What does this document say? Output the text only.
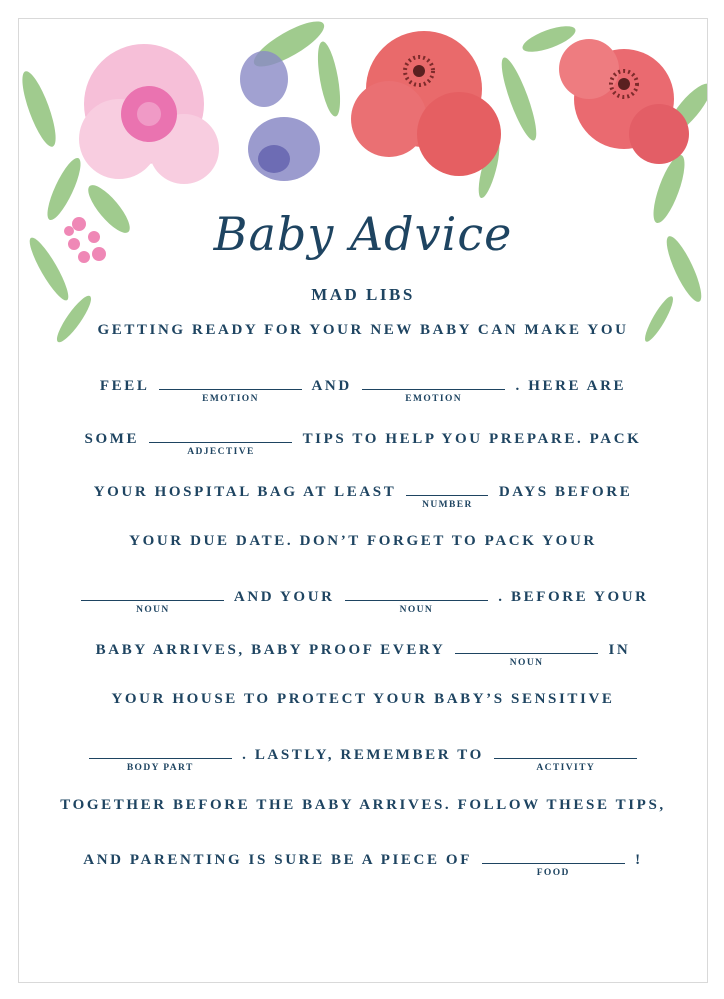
Baby Advice
MAD LIBS
GETTING READY FOR YOUR NEW BABY CAN MAKE YOU
FEEL
EMOTION
AND
EMOTION
. HERE ARE
SOME
ADJECTIVE
TIPS TO HELP YOU PREPARE. PACK
YOUR HOSPITAL BAG AT LEAST
NUMBER
DAYS BEFORE
YOUR DUE DATE. DON’T FORGET TO PACK YOUR
NOUN
AND YOUR
NOUN
. BEFORE YOUR
BABY ARRIVES, BABY PROOF EVERY
NOUN
IN
YOUR HOUSE TO PROTECT YOUR BABY’S SENSITIVE
BODY PART
. LASTLY, REMEMBER TO
ACTIVITY
TOGETHER BEFORE THE BABY ARRIVES. FOLLOW THESE TIPS,
AND PARENTING IS SURE BE A PIECE OF
FOOD
!
